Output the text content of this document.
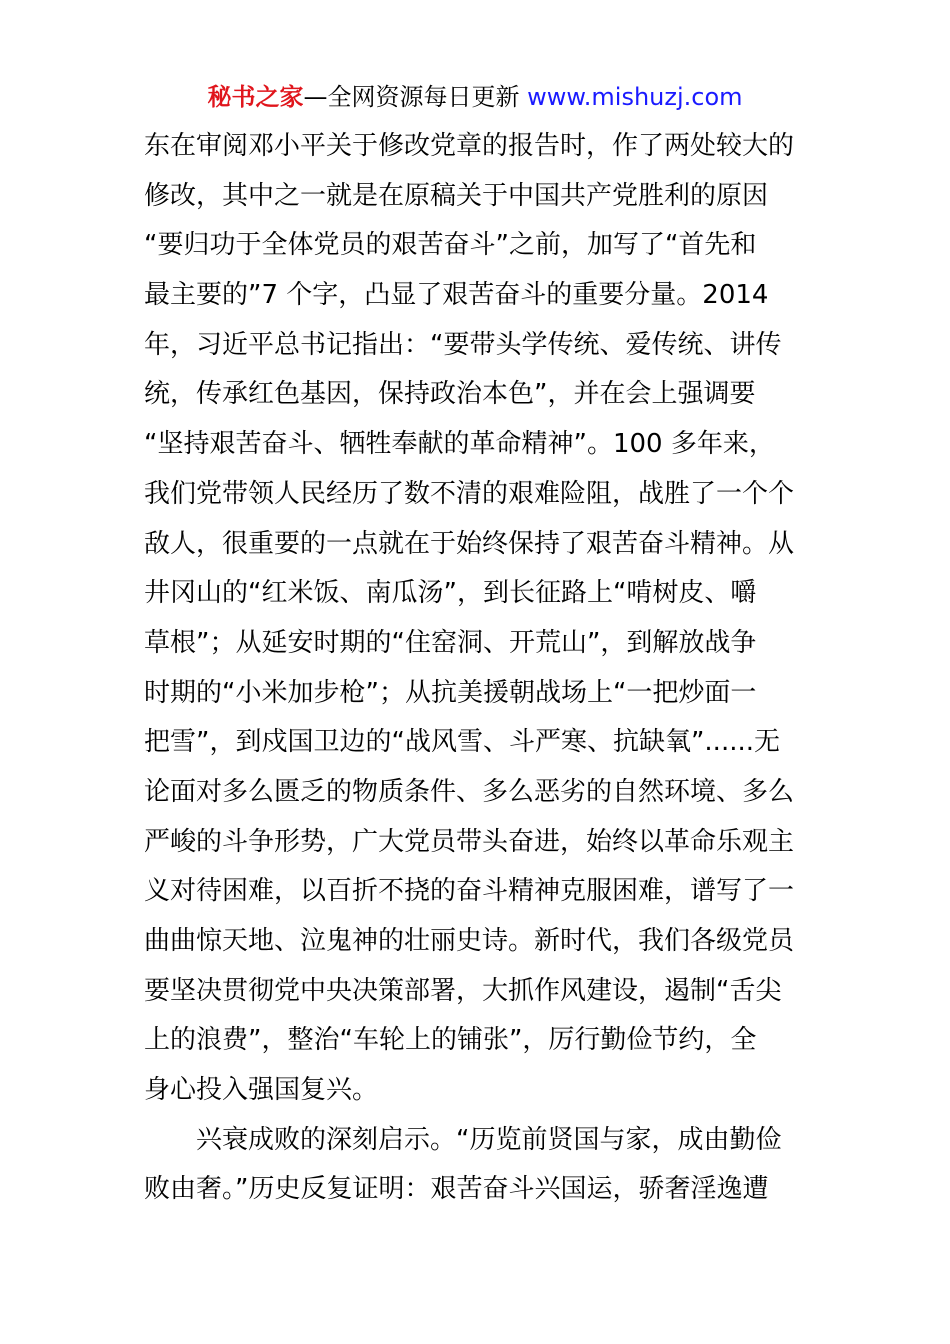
秘书之家—全网资源每日更新 www.mishuzj.com
东在审阅邓小平关于修改党章的报告时，作了两处较大的
修改，其中之一就是在原稿关于中国共产党胜利的原因
“要归功于全体党员的艰苦奋斗”之前，加写了“首先和
最主要的”7 个字，凸显了艰苦奋斗的重要分量。2014
年，习近平总书记指出：“要带头学传统、爱传统、讲传
统，传承红色基因，保持政治本色”，并在会上强调要
“坚持艰苦奋斗、牺牲奉献的革命精神”。100 多年来，
我们党带领人民经历了数不清的艰难险阻，战胜了一个个
敌人，很重要的一点就在于始终保持了艰苦奋斗精神。从
井冈山的“红米饭、南瓜汤”，到长征路上“啃树皮、嚼
草根”；从延安时期的“住窑洞、开荒山”，到解放战争
时期的“小米加步枪”；从抗美援朝战场上“一把炒面一
把雪”，到戍国卫边的“战风雪、斗严寒、抗缺氧”......无
论面对多么匮乏的物质条件、多么恶劣的自然环境、多么
严峻的斗争形势，广大党员带头奋进，始终以革命乐观主
义对待困难，以百折不挠的奋斗精神克服困难，谱写了一
曲曲惊天地、泣鬼神的壮丽史诗。新时代，我们各级党员
要坚决贯彻党中央决策部署，大抓作风建设，遏制“舌尖
上的浪费”，整治“车轮上的铺张”，厉行勤俭节约，全
身心投入强国复兴。
兴衰成败的深刻启示。“历览前贤国与家，成由勤俭
败由奢。”历史反复证明：艰苦奋斗兴国运，骄奢淫逸遭
